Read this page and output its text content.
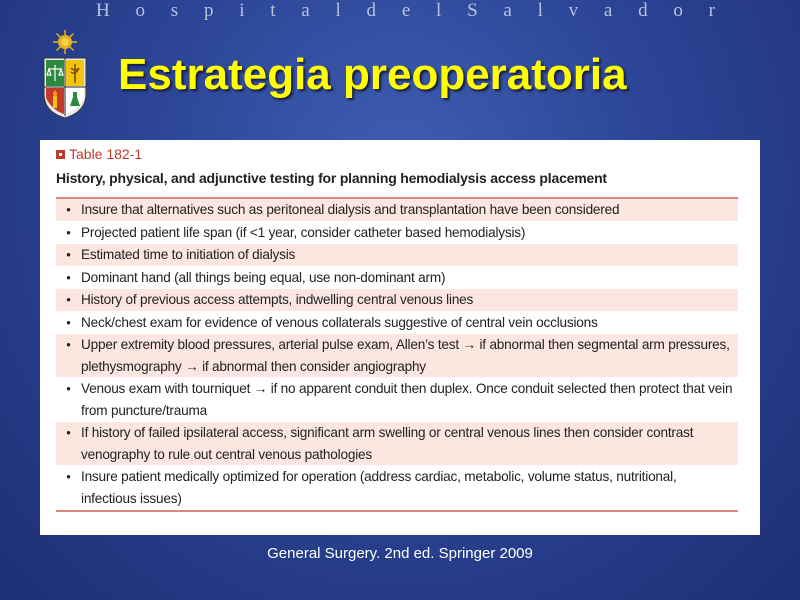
H o s p i t a l d e l S a l v a d o r
Estrategia preoperatoria
Table 182-1
History, physical, and adjunctive testing for planning hemodialysis access placement
• Insure that alternatives such as peritoneal dialysis and transplantation have been considered
• Projected patient life span (if <1 year, consider catheter based hemodialysis)
• Estimated time to initiation of dialysis
• Dominant hand (all things being equal, use non-dominant arm)
• History of previous access attempts, indwelling central venous lines
• Neck/chest exam for evidence of venous collaterals suggestive of central vein occlusions
• Upper extremity blood pressures, arterial pulse exam, Allen’s test → if abnormal then segmental arm pressures, plethysmography → if abnormal then consider angiography
• Venous exam with tourniquet → if no apparent conduit then duplex. Once conduit selected then protect that vein from puncture/trauma
• If history of failed ipsilateral access, significant arm swelling or central venous lines then consider contrast venography to rule out central venous pathologies
• Insure patient medically optimized for operation (address cardiac, metabolic, volume status, nutritional, infectious issues)
General Surgery. 2nd ed. Springer 2009
